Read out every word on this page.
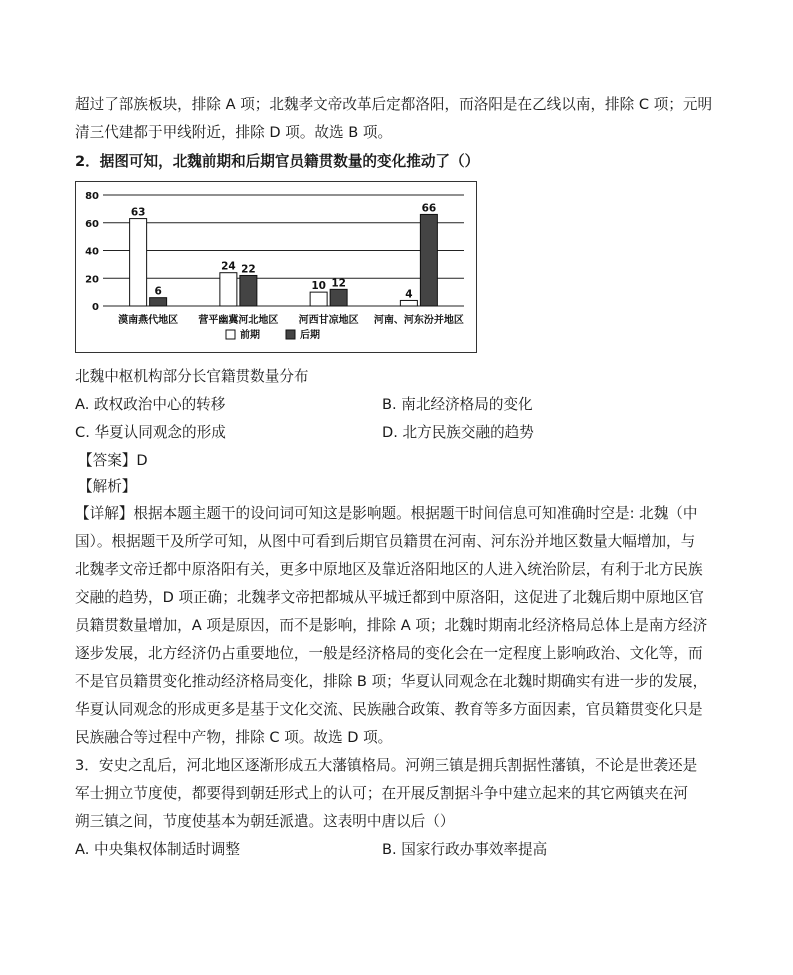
超过了部族板块，排除 A 项；北魏孝文帝改革后定都洛阳，而洛阳是在乙线以南，排除 C 项；元明
清三代建都于甲线附近，排除 D 项。故选 B 项。
2．据图可知，北魏前期和后期官员籍贯数量的变化推动了（）
0
20
40
60
80
63
6
漠南燕代地区
24 22
营平幽冀河北地区
10 12
河西甘凉地区
4
66
河南、河东汾并地区
前期	后期
北魏中枢机构部分长官籍贯数量分布
A. 政权政治中心的转移	B. 南北经济格局的变化
C. 华夏认同观念的形成	D. 北方民族交融的趋势
【答案】D
【解析】
【详解】根据本题主题干的设问词可知这是影响题。根据题干时间信息可知准确时空是: 北魏（中
国）。根据题干及所学可知，从图中可看到后期官员籍贯在河南、河东汾并地区数量大幅增加，与
北魏孝文帝迁都中原洛阳有关，更多中原地区及靠近洛阳地区的人进入统治阶层，有利于北方民族
交融的趋势，D 项正确；北魏孝文帝把都城从平城迁都到中原洛阳，这促进了北魏后期中原地区官
员籍贯数量增加，A 项是原因，而不是影响，排除 A 项；北魏时期南北经济格局总体上是南方经济
逐步发展，北方经济仍占重要地位，一般是经济格局的变化会在一定程度上影响政治、文化等，而
不是官员籍贯变化推动经济格局变化，排除 B 项；华夏认同观念在北魏时期确实有进一步的发展，
华夏认同观念的形成更多是基于文化交流、民族融合政策、教育等多方面因素，官员籍贯变化只是
民族融合等过程中产物，排除 C 项。故选 D 项。
3．安史之乱后，河北地区逐渐形成五大藩镇格局。河朔三镇是拥兵割据性藩镇，不论是世袭还是
军士拥立节度使，都要得到朝廷形式上的认可；在开展反割据斗争中建立起来的其它两镇夹在河
朔三镇之间，节度使基本为朝廷派遣。这表明中唐以后（）
A. 中央集权体制适时调整	B. 国家行政办事效率提高
